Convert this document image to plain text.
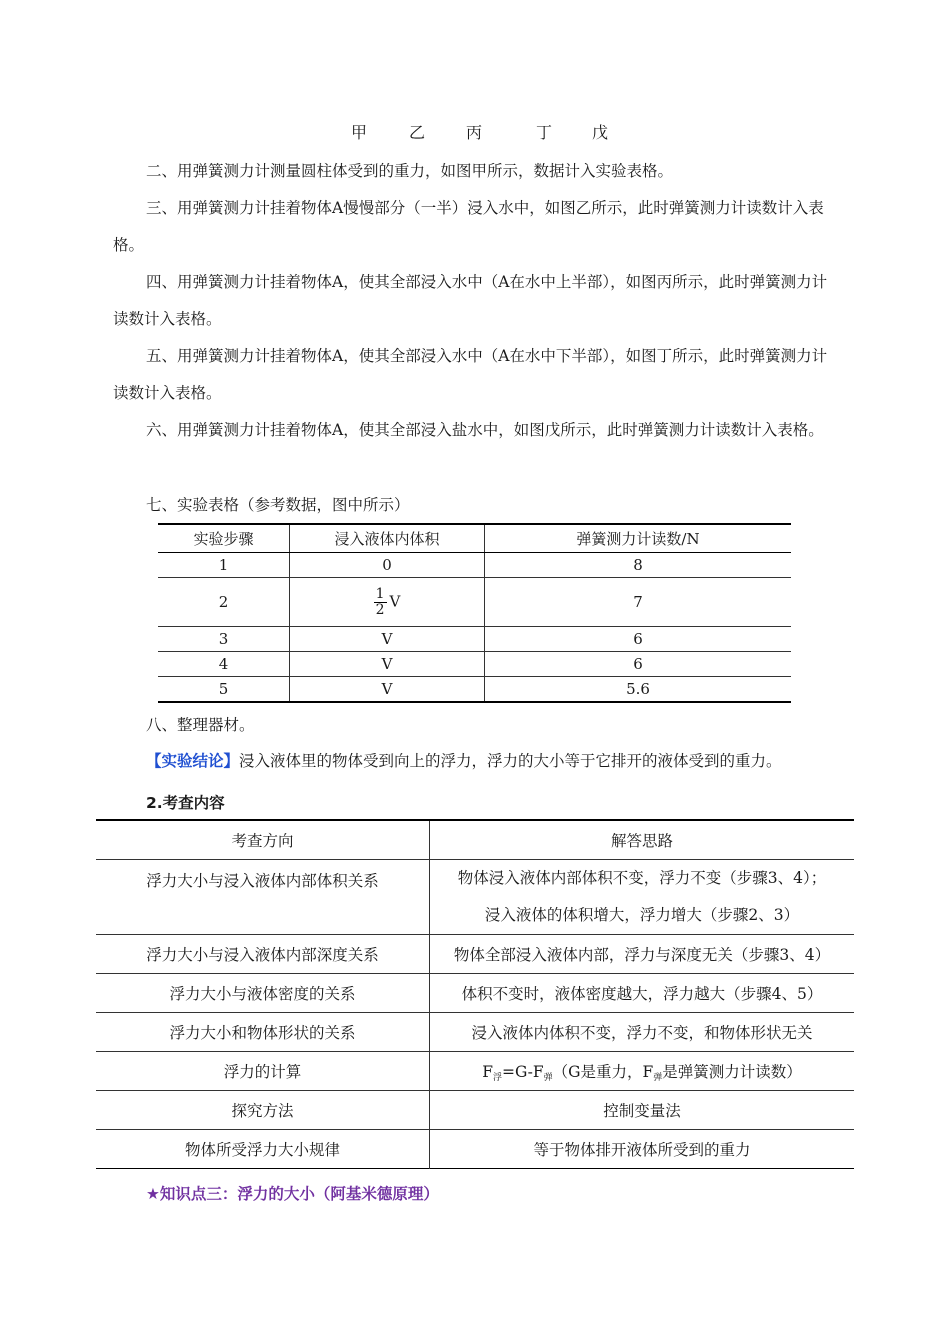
甲	乙	丙	丁 戊
二、用弹簧测力计测量圆柱体受到的重力，如图甲所示，数据计入实验表格。
三、用弹簧测力计挂着物体A慢慢部分（一半）浸入水中，如图乙所示，此时弹簧测力计读数计入表格。
四、用弹簧测力计挂着物体A，使其全部浸入水中（A在水中上半部），如图丙所示，此时弹簧测力计读数计入表格。
五、用弹簧测力计挂着物体A，使其全部浸入水中（A在水中下半部），如图丁所示，此时弹簧测力计读数计入表格。
六、用弹簧测力计挂着物体A，使其全部浸入盐水中，如图戊所示，此时弹簧测力计读数计入表格。
七、实验表格（参考数据，图中所示）
实验步骤	浸入液体内体积	弹簧测力计读数/N
1	0	8
2	$\frac{1}{2}$ V	7
3	V	6
4	V	6
5	V	5.6
八、整理器材。
【实验结论】浸入液体里的物体受到向上的浮力，浮力的大小等于它排开的液体受到的重力。
2.考查内容
考查方向	解答思路
浮力大小与浸入液体内部体积关系	物体浸入液体内部体积不变，浮力不变（步骤3、4）；
浸入液体的体积增大，浮力增大（步骤2、3）

浮力大小与浸入液体内部深度关系	物体全部浸入液体内部，浮力与深度无关（步骤3、4）
浮力大小与液体密度的关系	体积不变时，液体密度越大，浮力越大（步骤4、5）
浮力大小和物体形状的关系	浸入液体内体积不变，浮力不变，和物体形状无关
浮力的计算	$F_浮=G-F_弹(G$是重力，$F_弹$是弹簧测力计读数）
探究方法	控制变量法
物体所受浮力大小规律	等于物体排开液体所受到的重力
★知识点三：浮力的大小（阿基米德原理）
